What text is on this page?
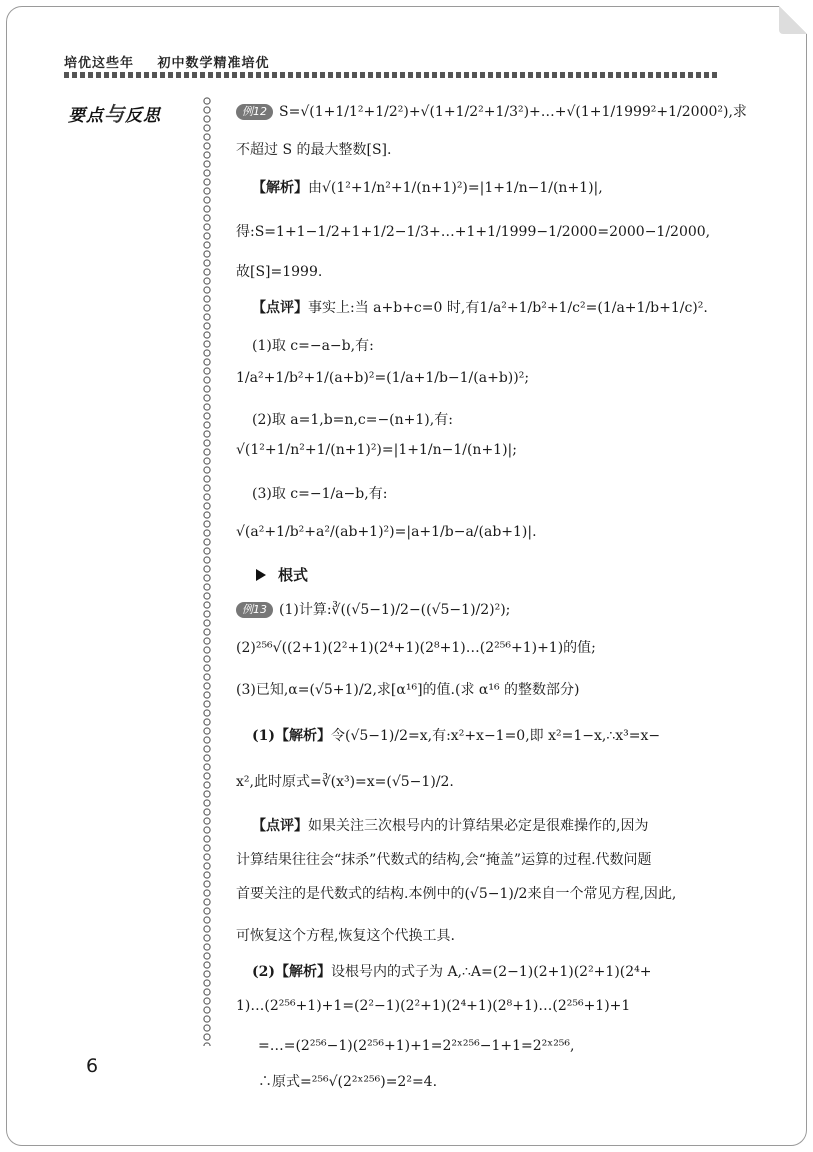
培优这些年 初中数学精准培优
要点与反思	例12 S=√(1+1/1²+1/2²)+√(1+1/2²+1/3²)+…+√(1+1/1999²+1/2000²),求
不超过 S 的最大整数[S].
【解析】由√(1²+1/n²+1/(n+1)²)=|1+1/n−1/(n+1)|,
得:S=1+1−1/2+1+1/2−1/3+…+1+1/1999−1/2000=2000−1/2000,
故[S]=1999.
【点评】事实上:当 a+b+c=0 时,有1/a²+1/b²+1/c²=(1/a+1/b+1/c)².
(1)取 c=−a−b,有:
1/a²+1/b²+1/(a+b)²=(1/a+1/b−1/(a+b))²;
(2)取 a=1,b=n,c=−(n+1),有:
√(1²+1/n²+1/(n+1)²)=|1+1/n−1/(n+1)|;
(3)取 c=−1/a−b,有:
√(a²+1/b²+a²/(ab+1)²)=|a+1/b−a/(ab+1)|.
根式
例13 (1)计算:∛((√5−1)/2−((√5−1)/2)²);
(2)²⁵⁶√((2+1)(2²+1)(2⁴+1)(2⁸+1)…(2²⁵⁶+1)+1)的值;
(3)已知,α=(√5+1)/2,求[α¹⁶]的值.(求 α¹⁶ 的整数部分)
(1)【解析】令(√5−1)/2=x,有:x²+x−1=0,即 x²=1−x,∴x³=x−
x²,此时原式=∛(x³)=x=(√5−1)/2.
【点评】如果关注三次根号内的计算结果必定是很难操作的,因为
计算结果往往会“抹杀”代数式的结构,会“掩盖”运算的过程.代数问题
首要关注的是代数式的结构.本例中的(√5−1)/2来自一个常见方程,因此,
可恢复这个方程,恢复这个代换工具.
(2)【解析】设根号内的式子为 A,∴A=(2−1)(2+1)(2²+1)(2⁴+
1)…(2²⁵⁶+1)+1=(2²−1)(2²+1)(2⁴+1)(2⁸+1)…(2²⁵⁶+1)+1
=…=(2²⁵⁶−1)(2²⁵⁶+1)+1=2²ˣ²⁵⁶−1+1=2²ˣ²⁵⁶,
∴原式=²⁵⁶√(2²ˣ²⁵⁶)=2²=4.
6
